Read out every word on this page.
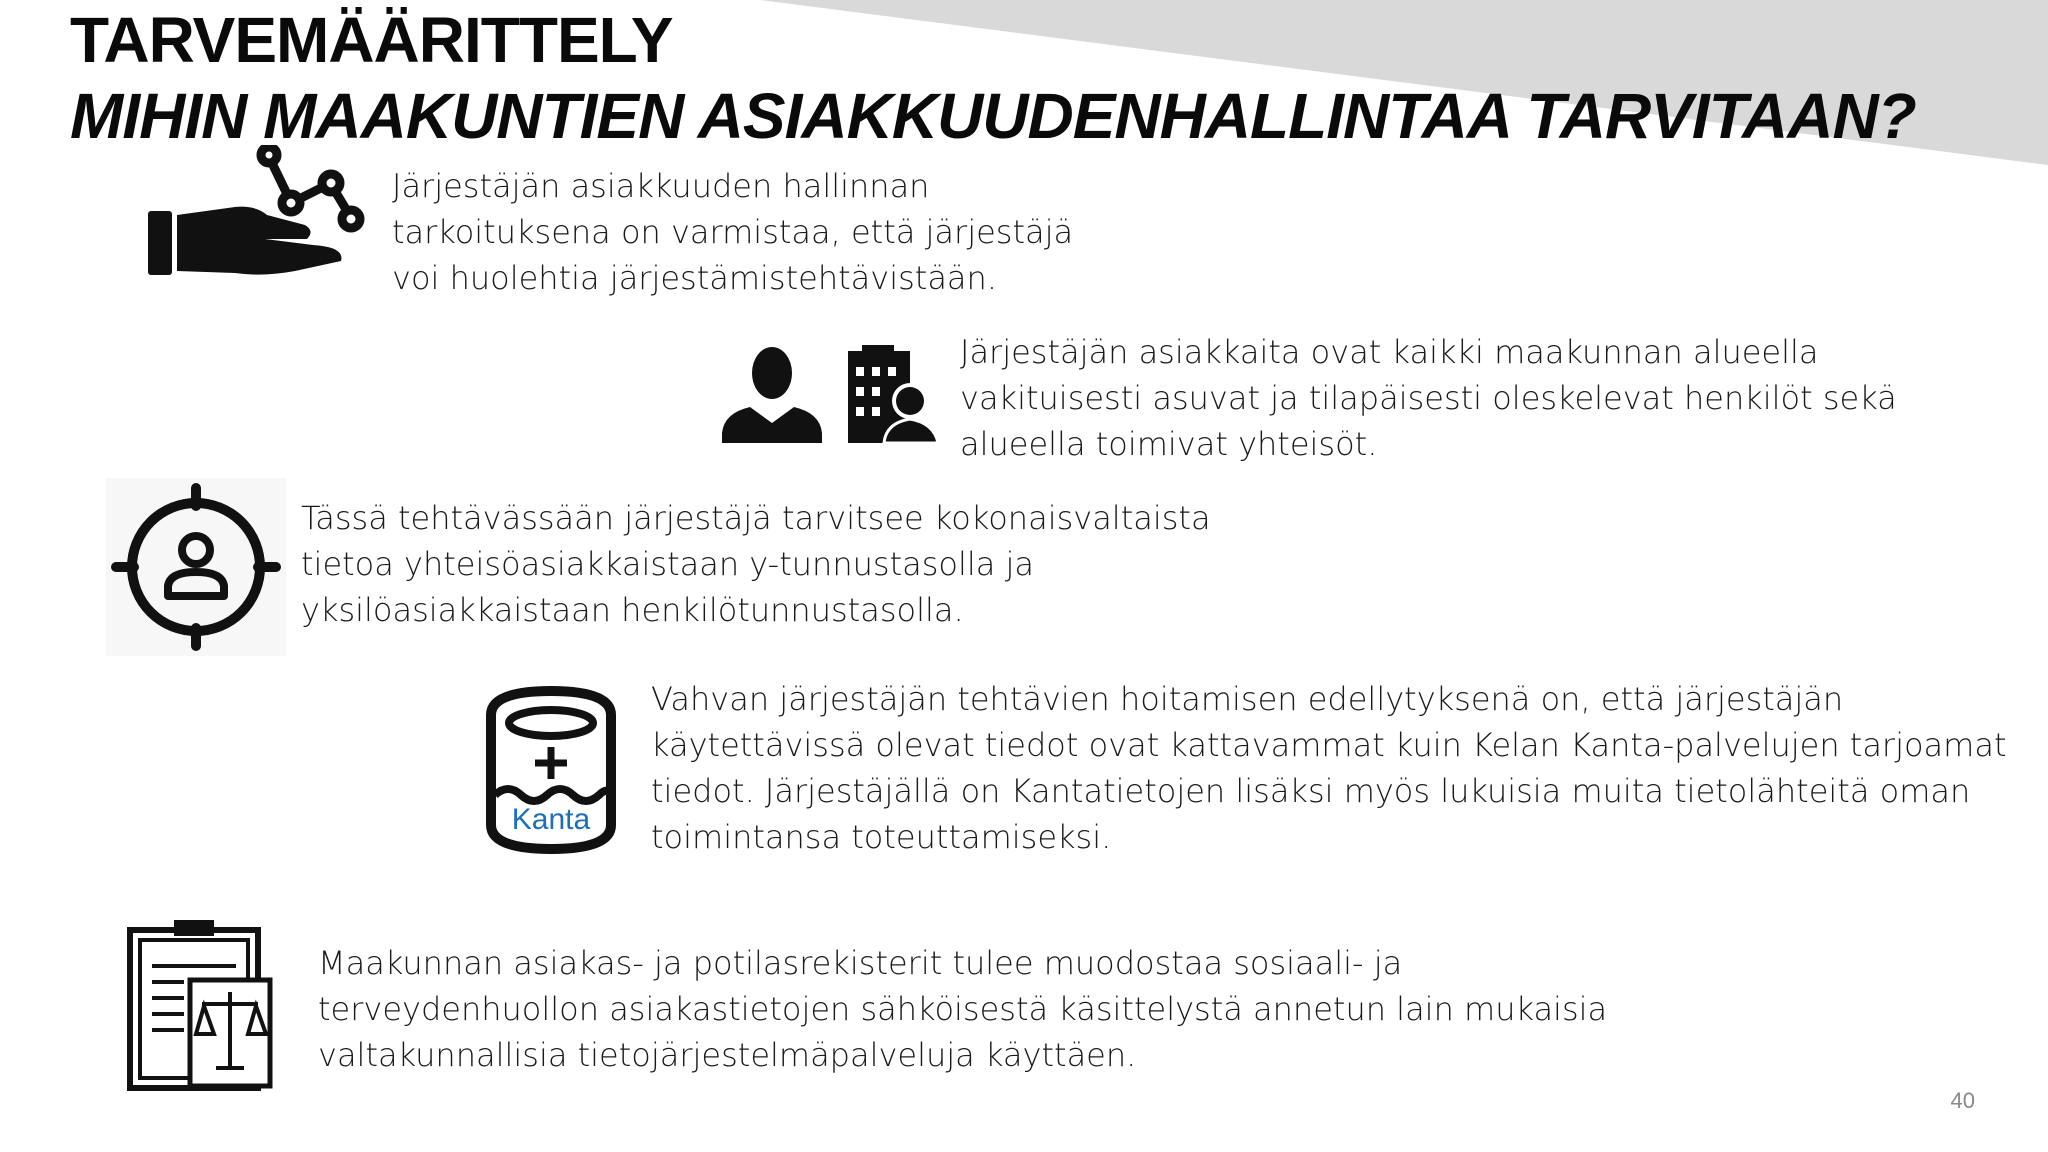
TARVEMÄÄRITTELY
MIHIN MAAKUNTIEN ASIAKKUUDENHALLINTAA TARVITAAN?

Järjestäjän asiakkuuden hallinnan
tarkoituksena on varmistaa, että järjestäjä
voi huolehtia järjestämistehtävistään.

Järjestäjän asiakkaita ovat kaikki maakunnan alueella
vakituisesti asuvat ja tilapäisesti oleskelevat henkilöt sekä
alueella toimivat yhteisöt.

Tässä tehtävässään järjestäjä tarvitsee kokonaisvaltaista
tietoa yhteisöasiakkaistaan y-tunnustasolla ja
yksilöasiakkaistaan henkilötunnustasolla.

Kanta

Vahvan järjestäjän tehtävien hoitamisen edellytyksenä on, että järjestäjän
käytettävissä olevat tiedot ovat kattavammat kuin Kelan Kanta-palvelujen tarjoamat
tiedot. Järjestäjällä on Kantatietojen lisäksi myös lukuisia muita tietolähteitä oman
toimintansa toteuttamiseksi.

Maakunnan asiakas- ja potilasrekisterit tulee muodostaa sosiaali- ja
terveydenhuollon asiakastietojen sähköisestä käsittelystä annetun lain mukaisia
valtakunnallisia tietojärjestelmäpalveluja käyttäen.

40
